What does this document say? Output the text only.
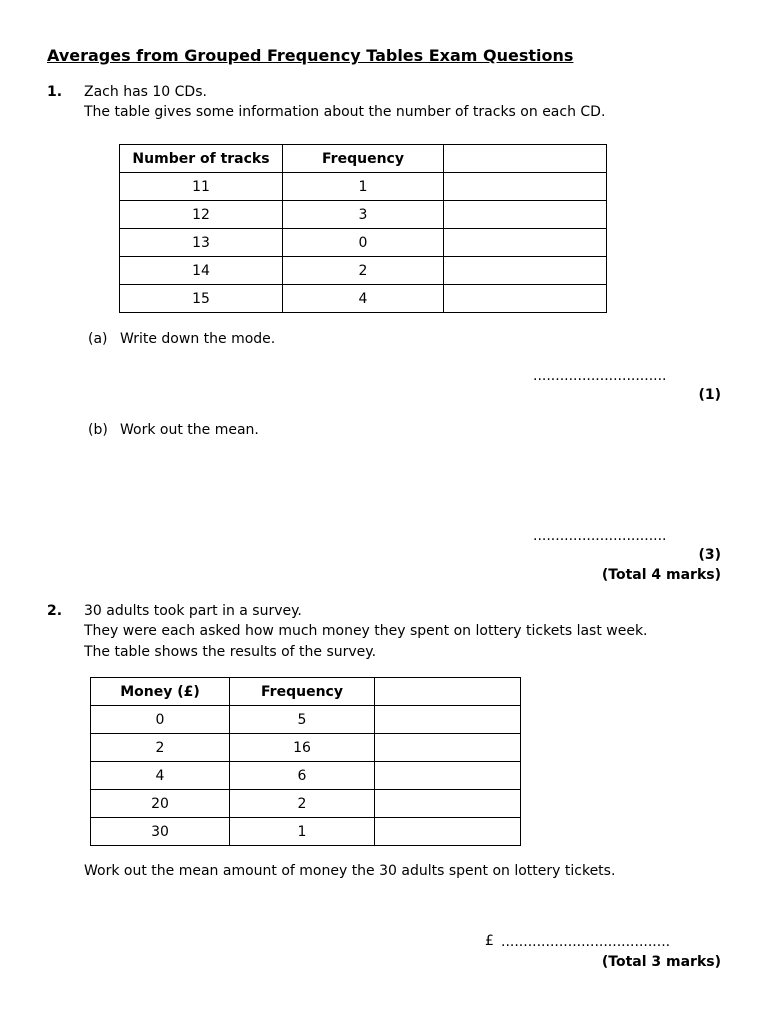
Averages from Grouped Frequency Tables Exam Questions
1. Zach has 10 CDs.
The table gives some information about the number of tracks on each CD.
Number of tracks	Frequency	
11	1	
12	3	
13	0	
14	2	
15	4	
(a) Write down the mode.
..............................
(1)
(b) Work out the mean.
..............................
(3)
(Total 4 marks)
2. 30 adults took part in a survey.
They were each asked how much money they spent on lottery tickets last week.
The table shows the results of the survey.
Money (£)	Frequency	
0	5	
2	16	
4	6	
20	2	
30	1	
Work out the mean amount of money the 30 adults spent on lottery tickets.
£ ......................................
(Total 3 marks)
